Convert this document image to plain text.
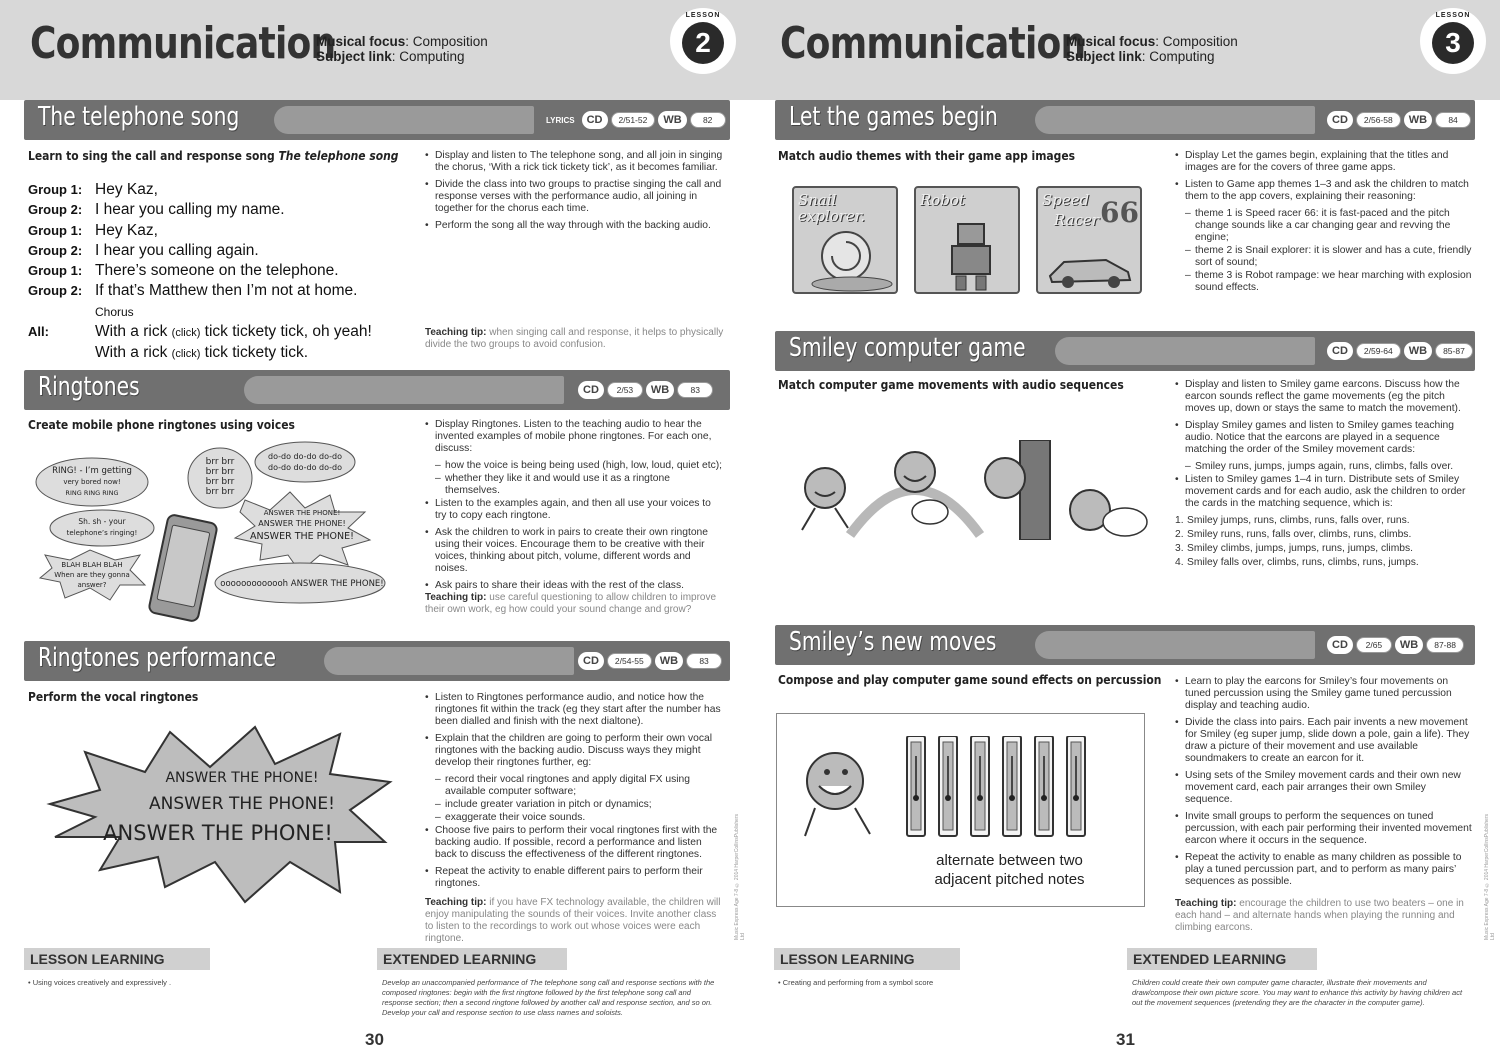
Communication
Musical focus: Composition
Subject link: Computing
LESSON
2
The telephone song	LYRICS	CD	2/51-52	WB	82
Learn to sing the call and response song The telephone song
Group 1: Hey Kaz,
Group 2: I hear you calling my name.
Group 1: Hey Kaz,
Group 2: I hear you calling again.
Group 1: There’s someone on the telephone.
Group 2: If that’s Matthew then I’m not at home.
Chorus
All:	With a rick (click) tick tickety tick, oh yeah!
With a rick (click) tick tickety tick.
• Display and listen to The telephone song, and all join in singing the chorus, ‘With a rick tick tickety tick’, as it becomes familiar.
• Divide the class into two groups to practise singing the call and response verses with the performance audio, all joining in together for the chorus each time.
• Perform the song all the way through with the backing audio.
Teaching tip: when singing call and response, it helps to physically divide the two groups to avoid confusion.
Ringtones	CD	2/53	WB	83
Create mobile phone ringtones using voices
RING! - I’m getting
very bored now!
RING RING RING
Sh. sh - your
telephone’s ringing!
BLAH BLAH BLAH
When are they gonna
answer?
brr brr
brr brr
brr brr
brr brr
do-do do-do do-do
do-do do-do do-do
ANSWER THE PHONE!
ANSWER THE PHONE!
ANSWER THE PHONE!
ooooooooooooh ANSWER THE PHONE!
• Display Ringtones. Listen to the teaching audio to hear the invented examples of mobile phone ringtones. For each one, discuss:
– how the voice is being being used (high, low, loud, quiet etc);
– whether they like it and would use it as a ringtone themselves.
• Listen to the examples again, and then all use your voices to try to copy each ringtone.
• Ask the children to work in pairs to create their own ringtone using their voices. Encourage them to be creative with their voices, thinking about pitch, volume, different words and noises.
• Ask pairs to share their ideas with the rest of the class.
Teaching tip: use careful questioning to allow children to improve their own work, eg how could your sound change and grow?
Ringtones performance	CD	2/54-55	WB	83
Perform the vocal ringtones
ANSWER THE PHONE!
ANSWER THE PHONE!
ANSWER THE PHONE!
• Listen to Ringtones performance audio, and notice how the ringtones fit within the track (eg they start after the number has been dialled and finish with the next dialtone).
• Explain that the children are going to perform their own vocal ringtones with the backing audio. Discuss ways they might develop their ringtones further, eg:
– record their vocal ringtones and apply digital FX using available computer software;
– include greater variation in pitch or dynamics;
– exaggerate their voice sounds.
• Choose five pairs to perform their vocal ringtones first with the backing audio. If possible, record a performance and listen back to discuss the effectiveness of the different ringtones.
• Repeat the activity to enable different pairs to perform their ringtones.
Teaching tip: if you have FX technology available, the children will enjoy manipulating the sounds of their voices. Invite another class to listen to the recordings to work out whose voices were each ringtone.	Music Express Age 7-8 © 2014 HarperCollinsPublishers Ltd
LESSON LEARNING
• Using voices creatively and expressively .
EXTENDED LEARNING
Develop an unaccompanied performance of The telephone song call and response sections with the composed ringtones: begin with the first ringtone followed by the first telephone song call and response section; then a second ringtone followed by another call and response section, and so on. Develop your call and response section to use class names and soloists.
30
Communication
Musical focus: Composition
Subject link: Computing
LESSON
3
Let the games begin	CD	2/56-58	WB	84
Match audio themes with their game app images
Snail explorer.
Robot	Speed
Racer 66
• Display Let the games begin, explaining that the titles and images are for the covers of three game apps.
• Listen to Game app themes 1–3 and ask the children to match them to the app covers, explaining their reasoning:
– theme 1 is Speed racer 66: it is fast-paced and the pitch change sounds like a car changing gear and revving the engine;
– theme 2 is Snail explorer: it is slower and has a cute, friendly sort of sound;
– theme 3 is Robot rampage: we hear marching with explosion sound effects.
Smiley computer game	CD	2/59-64	WB	85-87
Match computer game movements with audio sequences
•	Display and listen to Smiley game earcons. Discuss how the earcon sounds reflect the game movements (eg the pitch moves up, down or stays the same to match the movement).
• Display Smiley games and listen to Smiley games teaching audio. Notice that the earcons are played in a sequence matching the order of the Smiley movement cards:
– Smiley runs, jumps, jumps again, runs, climbs, falls over.
• Listen to Smiley games 1–4 in turn. Distribute sets of Smiley movement cards and for each audio, ask the children to order the cards in the matching sequence, which is:
1. Smiley jumps, runs, climbs, runs, falls over, runs.
2. Smiley runs, runs, falls over, climbs, runs, climbs.
3. Smiley climbs, jumps, jumps, runs, jumps, climbs.
4. Smiley falls over, climbs, runs, climbs, runs, jumps.
Smiley’s new moves	CD	2/65	WB	87-88
Compose and play computer game sound effects on percussion
alternate between two
adjacent pitched notes
• Learn to play the earcons for Smiley’s four movements on tuned percussion using the Smiley game tuned percussion display and teaching audio.
• Divide the class into pairs. Each pair invents a new movement for Smiley (eg super jump, slide down a pole, gain a life). They draw a picture of their movement and use available soundmakers to create an earcon for it.
• Using sets of the Smiley movement cards and their own new movement card, each pair arranges their own Smiley sequence.
• Invite small groups to perform the sequences on tuned percussion, with each pair performing their invented movement earcon where it occurs in the sequence.
• Repeat the activity to enable as many children as possible to play a tuned percussion part, and to perform as many pairs’ sequences as possible.
Teaching tip: encourage the children to use two beaters – one in each hand – and alternate hands when playing the running and climbing earcons.	Music Express Age 7-8 © 2014 HarperCollinsPublishers Ltd
LESSON LEARNING
• Creating and performing from a symbol score
EXTENDED LEARNING
Children could create their own computer game character, illustrate their movements and draw/compose their own picture score. You may want to enhance this activity by having children act out the movement sequences (pretending they are the character in the computer game).
31
